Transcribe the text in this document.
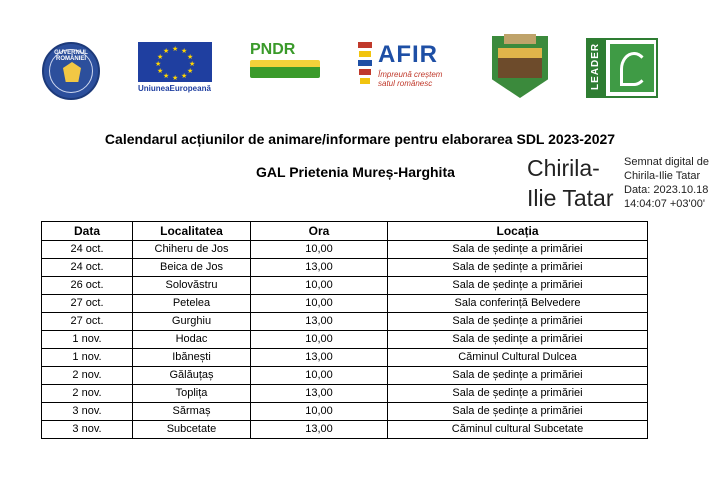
GUVERNUL ROMÂNIEI
★ ★
★
★
★
★
★
★
★
★
★
★
UniuneaEuropeană
PNDR	AFIR
Împreună creștem
satul românesc	LEADER
Calendarul acțiunilor de animare/informare pentru elaborarea SDL 2023-2027
GAL Prietenia Mureș-Harghita	Chirila-
Ilie Tatar
Semnat digital de
Chirila-Ilie Tatar
Data: 2023.10.18
14:04:07 +03'00'
Data	Localitatea	Ora	Locația
24 oct.	Chiheru de Jos	10,00	Sala de ședințe a primăriei
24 oct.	Beica de Jos	13,00	Sala de ședințe a primăriei
26 oct.	Solovăstru	10,00	Sala de ședințe a primăriei
27 oct.	Petelea	10,00	Sala conferință Belvedere
27 oct.	Gurghiu	13,00	Sala de ședințe a primăriei
1 nov.	Hodac	10,00	Sala de ședințe a primăriei
1 nov.	Ibănești	13,00	Căminul Cultural Dulcea
2 nov.	Gălăuțaș	10,00	Sala de ședințe a primăriei
2 nov.	Toplița	13,00	Sala de ședințe a primăriei
3 nov.	Sărmaș	10,00	Sala de ședințe a primăriei
3 nov.	Subcetate	13,00	Căminul cultural Subcetate
